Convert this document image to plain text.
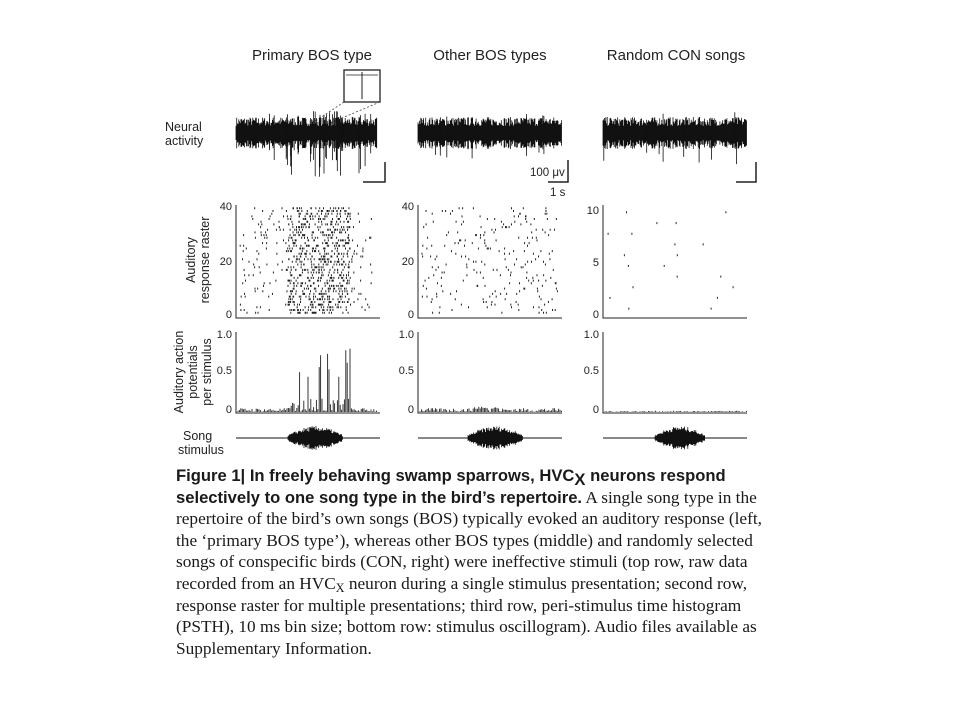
Primary BOS type	Other BOS types	Random CON songs
Neural
activity
Auditory response raster
Auditory action potentials per stimulus
Song
stimulus
100 μv
1 s
40
20
0
40
20
0
10
5
0
1.0
0.5
0
1.0
0.5
0
1.0
0.5
0

Figure 1| In freely behaving swamp sparrows, $HVC_X$ neurons respond selectively to one song type in the bird’s repertoire. A single song type in the repertoire of the bird’s own songs (BOS) typically evoked an auditory response (left, the ‘primary BOS type’), whereas other BOS types (middle) and randomly selected songs of conspecific birds (CON, right) were ineffective stimuli (top row, raw data recorded from an $HVC_X$ neuron during a single stimulus presentation; second row, response raster for multiple presentations; third row, peri-stimulus time histogram (PSTH), 10 ms bin size; bottom row: stimulus oscillogram). Audio files available as Supplementary Information.
